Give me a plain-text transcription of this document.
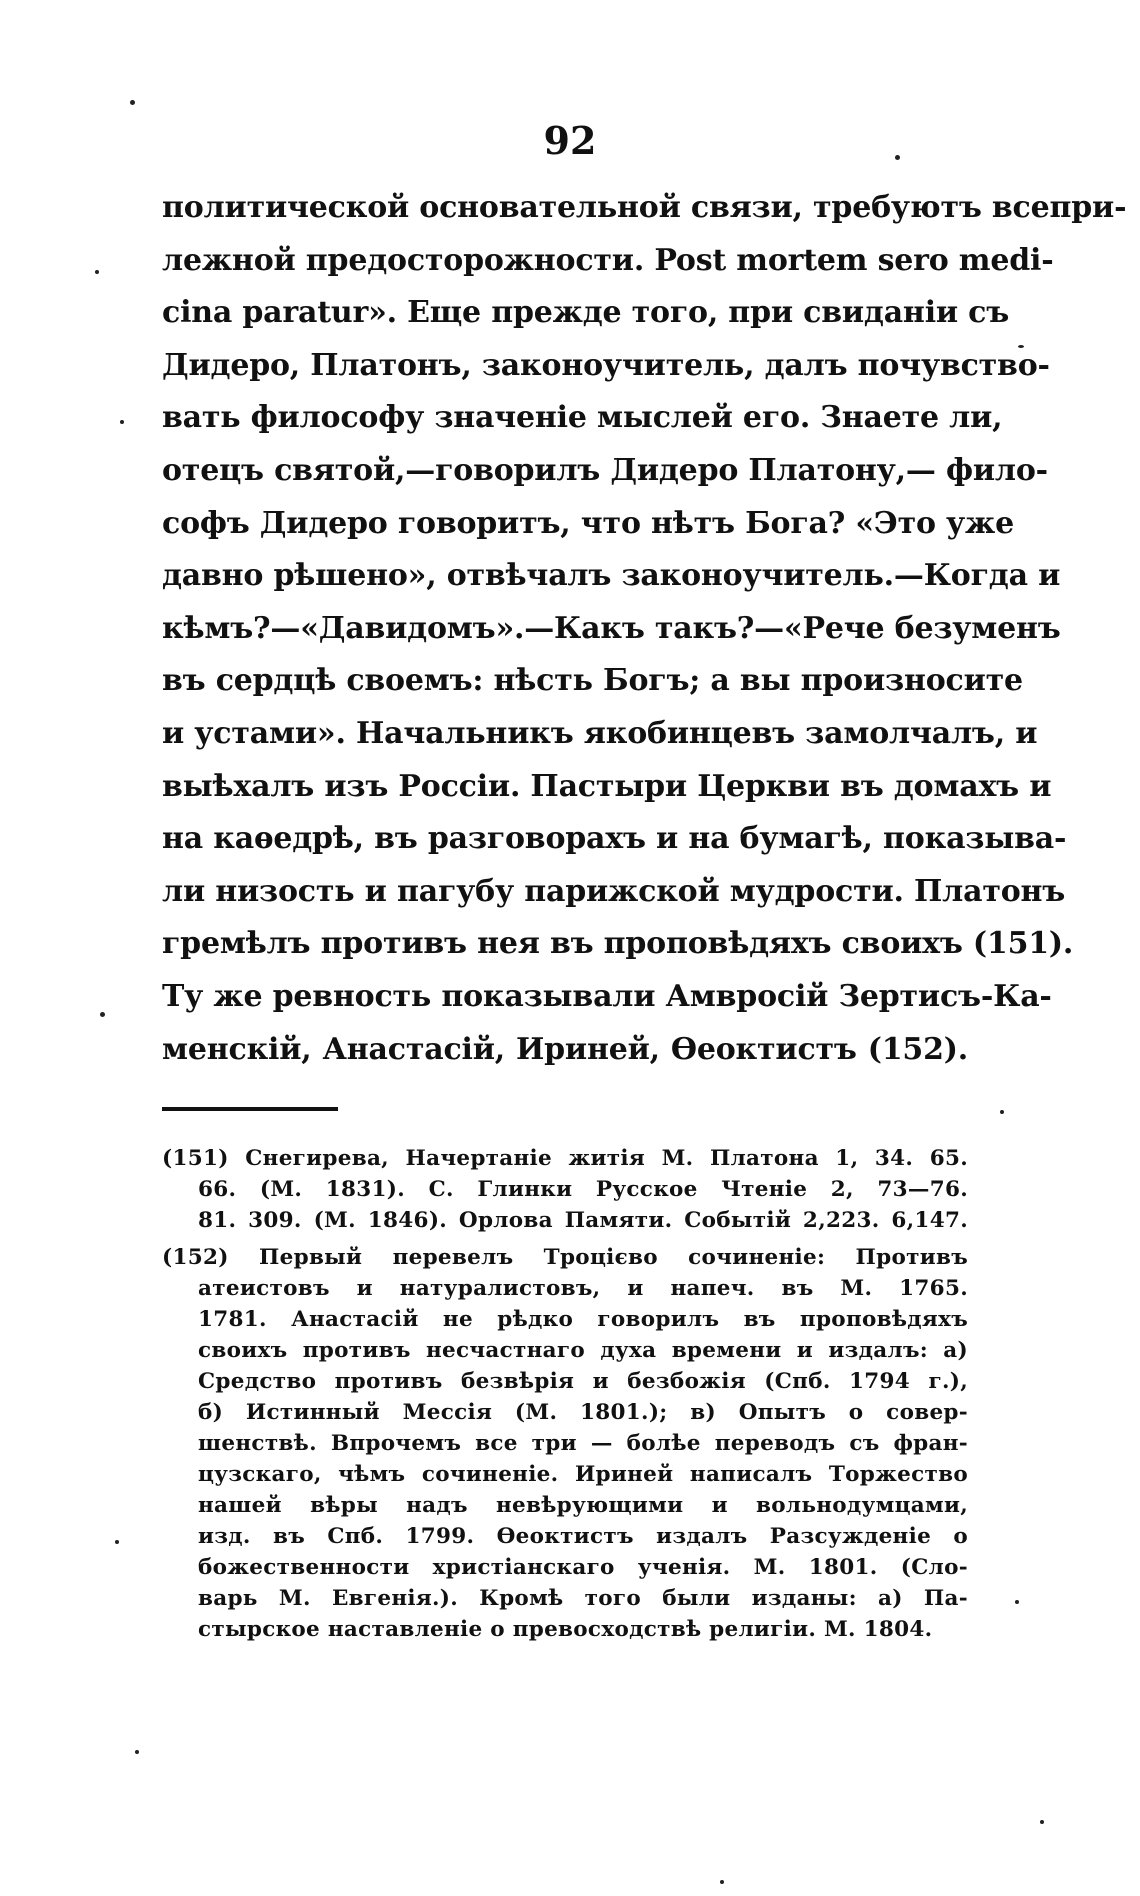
92
политической основательной связи, требуютъ всепри-
лежной предосторожности. Post mortem sero medi-
cina paratur». Еще прежде того, при свиданіи съ
Дидеро, Платонъ, законоучитель, далъ почувство-
вать философу значеніе мыслей его. Знаете ли,
отецъ святой,—говорилъ Дидеро Платону,— фило-
софъ Дидеро говоритъ, что нѣтъ Бога? «Это уже
давно рѣшено», отвѣчалъ законоучитель.—Когда и
кѣмъ?—«Давидомъ».—Какъ такъ?—«Рече безуменъ
въ сердцѣ своемъ: нѣсть Богъ; а вы произносите
и устами». Начальникъ якобинцевъ замолчалъ, и
выѣхалъ изъ Россіи. Пастыри Церкви въ домахъ и
на каѳедрѣ, въ разговорахъ и на бумагѣ, показыва-
ли низость и пагубу парижской мудрости. Платонъ
гремѣлъ противъ нея въ проповѣдяхъ своихъ (151).
Ту же ревность показывали Амвросій Зертисъ-Ка-
менскій, Анастасій, Ириней, Ѳеоктистъ (152).
(151) Снегирева, Начертаніе житія М. Платона 1, 34. 65.
66. (М. 1831). С. Глинки Русское Чтеніе 2, 73—76.
81. 309. (М. 1846). Орлова Памяти. Событій 2,223. 6,147.
(152) Первый перевелъ Троцієво сочиненіе: Противъ
атеистовъ и натуралистовъ, и напеч. въ М. 1765.
1781. Анастасій не рѣдко говорилъ въ проповѣдяхъ
своихъ противъ несчастнаго духа времени и издалъ: а)
Средство противъ безвѣрія и безбожія (Спб. 1794 г.),
б) Истинный Мессія (М. 1801.); в) Опытъ о совер-
шенствѣ. Впрочемъ все три — болѣе переводъ съ фран-
цузскаго, чѣмъ сочиненіе. Ириней написалъ Торжество
нашей вѣры надъ невѣрующими и вольнодумцами,
изд. въ Спб. 1799. Ѳеоктистъ издалъ Разсужденіе о
божественности христіанскаго ученія. М. 1801. (Сло-
варь М. Евгенія.). Кромѣ того были изданы: а) Па-
стырское наставленіе о превосходствѣ религіи. М. 1804.
